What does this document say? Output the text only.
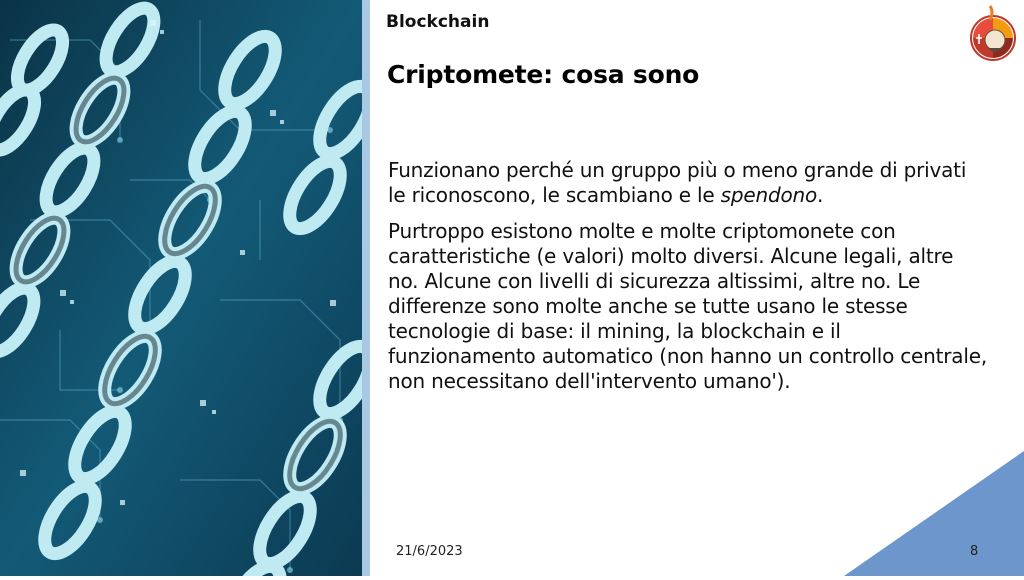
Blockchain
Criptomete: cosa sono

Funzionano perché un gruppo più o meno grande di privati le riconoscono, le scambiano e le spendono.

Purtroppo esistono molte e molte criptomonete con caratteristiche (e valori) molto diversi. Alcune legali, altre no. Alcune con livelli di sicurezza altissimi, altre no. Le differenze sono molte anche se tutte usano le stesse tecnologie di base: il mining, la blockchain e il funzionamento automatico (non hanno un controllo centrale, non necessitano dell'intervento umano').

21/6/2023	8
